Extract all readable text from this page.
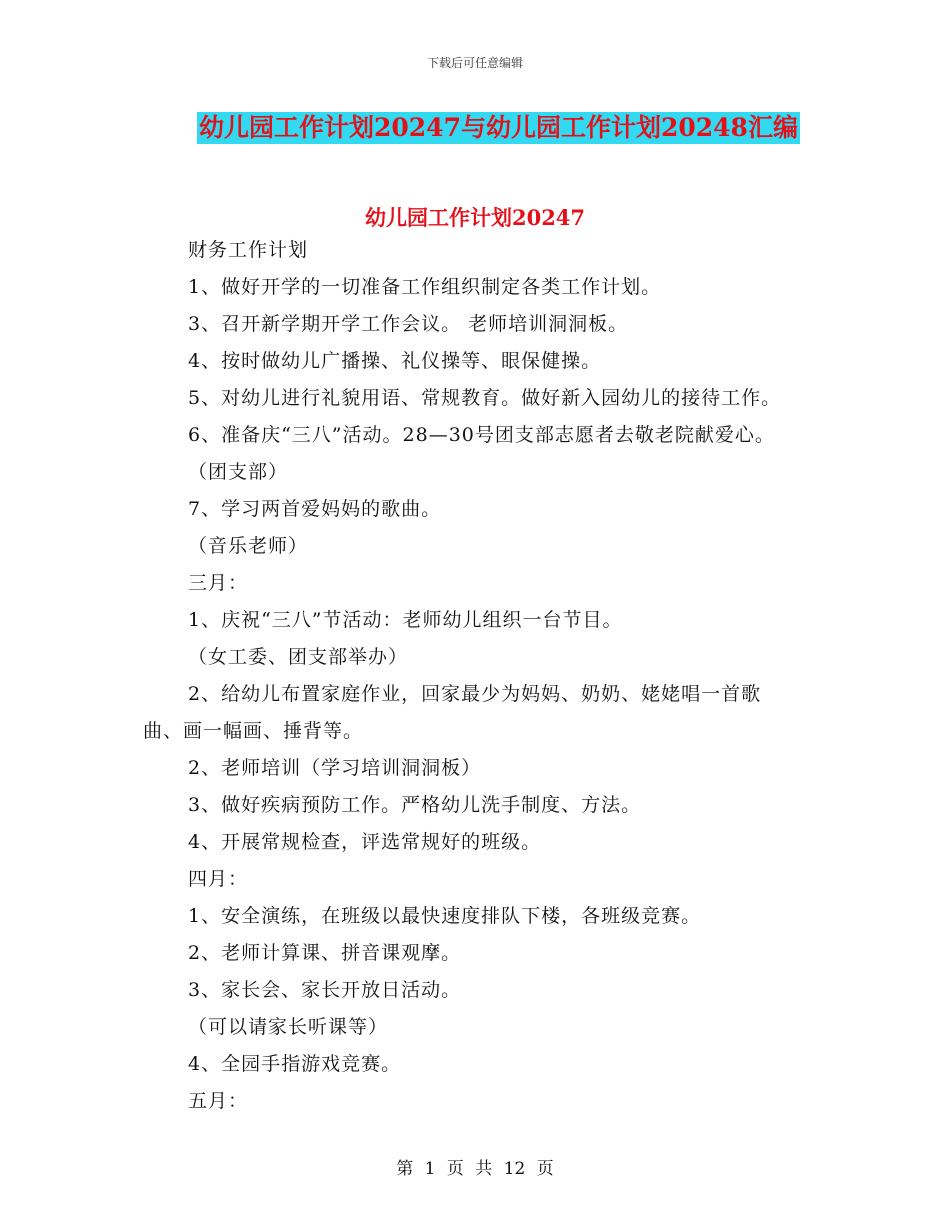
下载后可任意编辑
幼儿园工作计划20247与幼儿园工作计划20248汇编
幼儿园工作计划20247
财务工作计划
1、做好开学的一切准备工作组织制定各类工作计划。
3、召开新学期开学工作会议。 老师培训洞洞板。
4、按时做幼儿广播操、礼仪操等、眼保健操。
5、对幼儿进行礼貌用语、常规教育。做好新入园幼儿的接待工作。
6、准备庆“三八”活动。28—30号团支部志愿者去敬老院献爱心。
（团支部）
7、学习两首爱妈妈的歌曲。
（音乐老师）
三月：
1、庆祝“三八”节活动：老师幼儿组织一台节目。
（女工委、团支部举办）
2、给幼儿布置家庭作业，回家最少为妈妈、奶奶、姥姥唱一首歌
曲、画一幅画、捶背等。
2、老师培训（学习培训洞洞板）
3、做好疾病预防工作。严格幼儿洗手制度、方法。
4、开展常规检查，评选常规好的班级。
四月：
1、安全演练，在班级以最快速度排队下楼，各班级竞赛。
2、老师计算课、拼音课观摩。
3、家长会、家长开放日活动。
（可以请家长听课等）
4、全园手指游戏竞赛。
五月：
第 1 页 共 12 页
